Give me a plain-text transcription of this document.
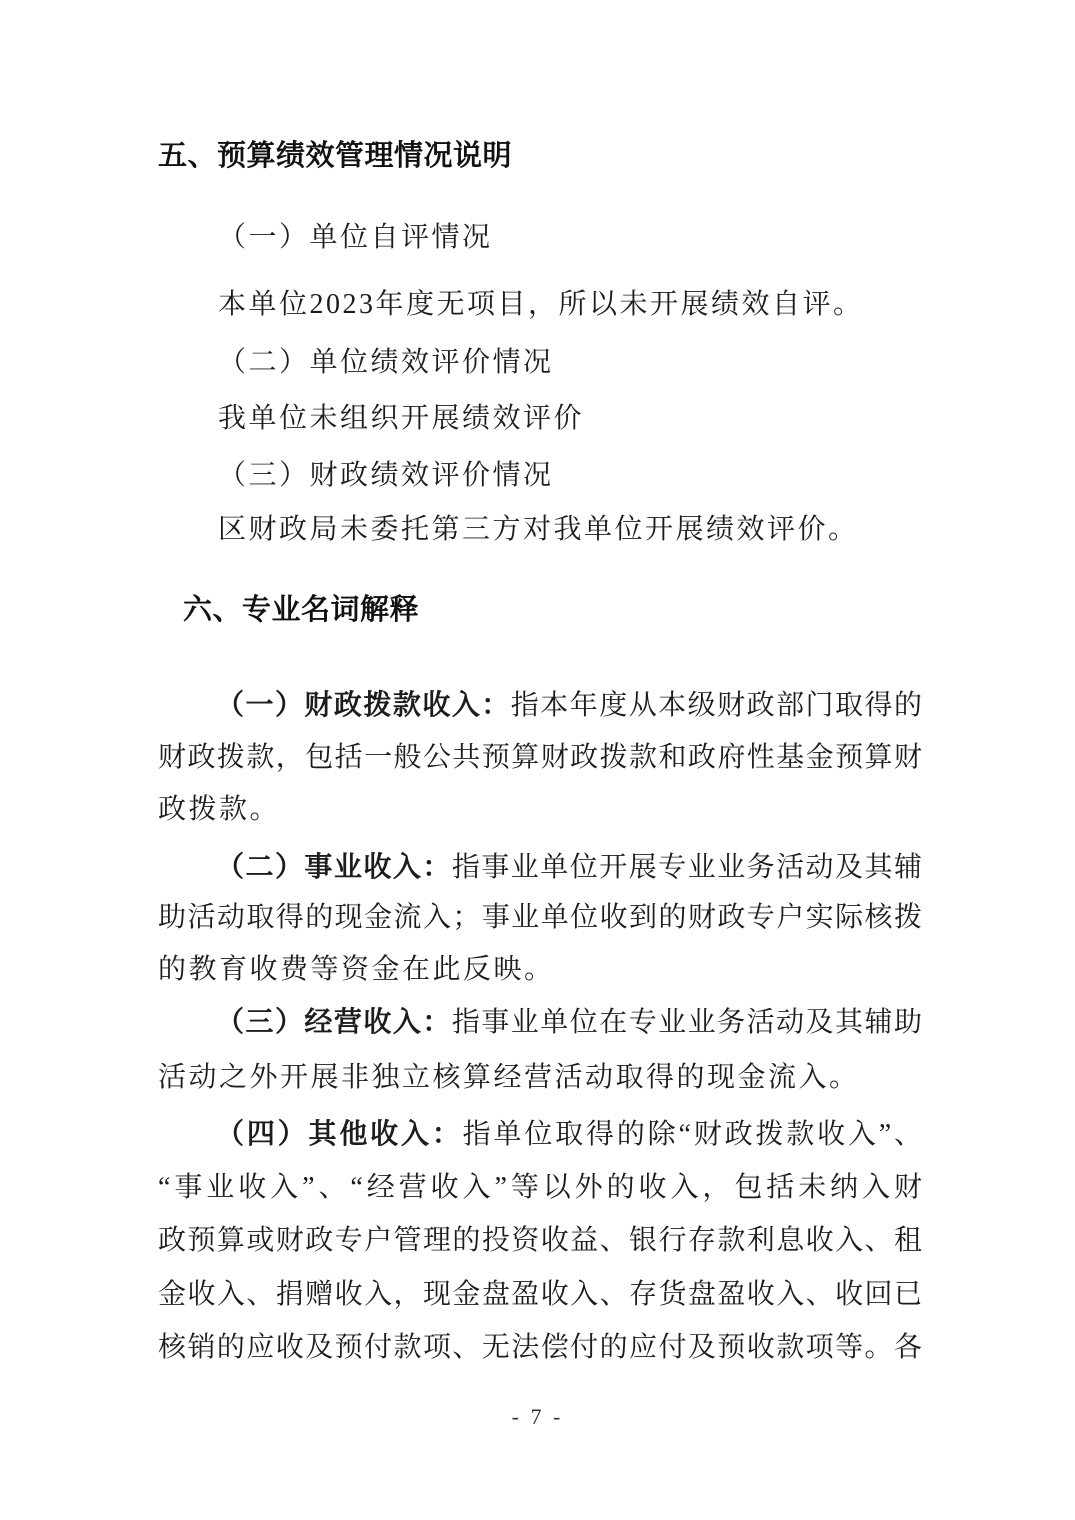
五、预算绩效管理情况说明
（一）单位自评情况
本单位2023年度无项目，所以未开展绩效自评。
（二）单位绩效评价情况
我单位未组织开展绩效评价
（三）财政绩效评价情况
区财政局未委托第三方对我单位开展绩效评价。
六、专业名词解释
（一）财政拨款收入：指本年度从本级财政部门取得的
财政拨款，包括一般公共预算财政拨款和政府性基金预算财
政拨款。
（二）事业收入：指事业单位开展专业业务活动及其辅
助活动取得的现金流入；事业单位收到的财政专户实际核拨
的教育收费等资金在此反映。
（三）经营收入：指事业单位在专业业务活动及其辅助
活动之外开展非独立核算经营活动取得的现金流入。
（四）其他收入：指单位取得的除“财政拨款收入”、
“事业收入”、“经营收入”等以外的收入，包括未纳入财
政预算或财政专户管理的投资收益、银行存款利息收入、租
金收入、捐赠收入，现金盘盈收入、存货盘盈收入、收回已
核销的应收及预付款项、无法偿付的应付及预收款项等。各
- 7 -
